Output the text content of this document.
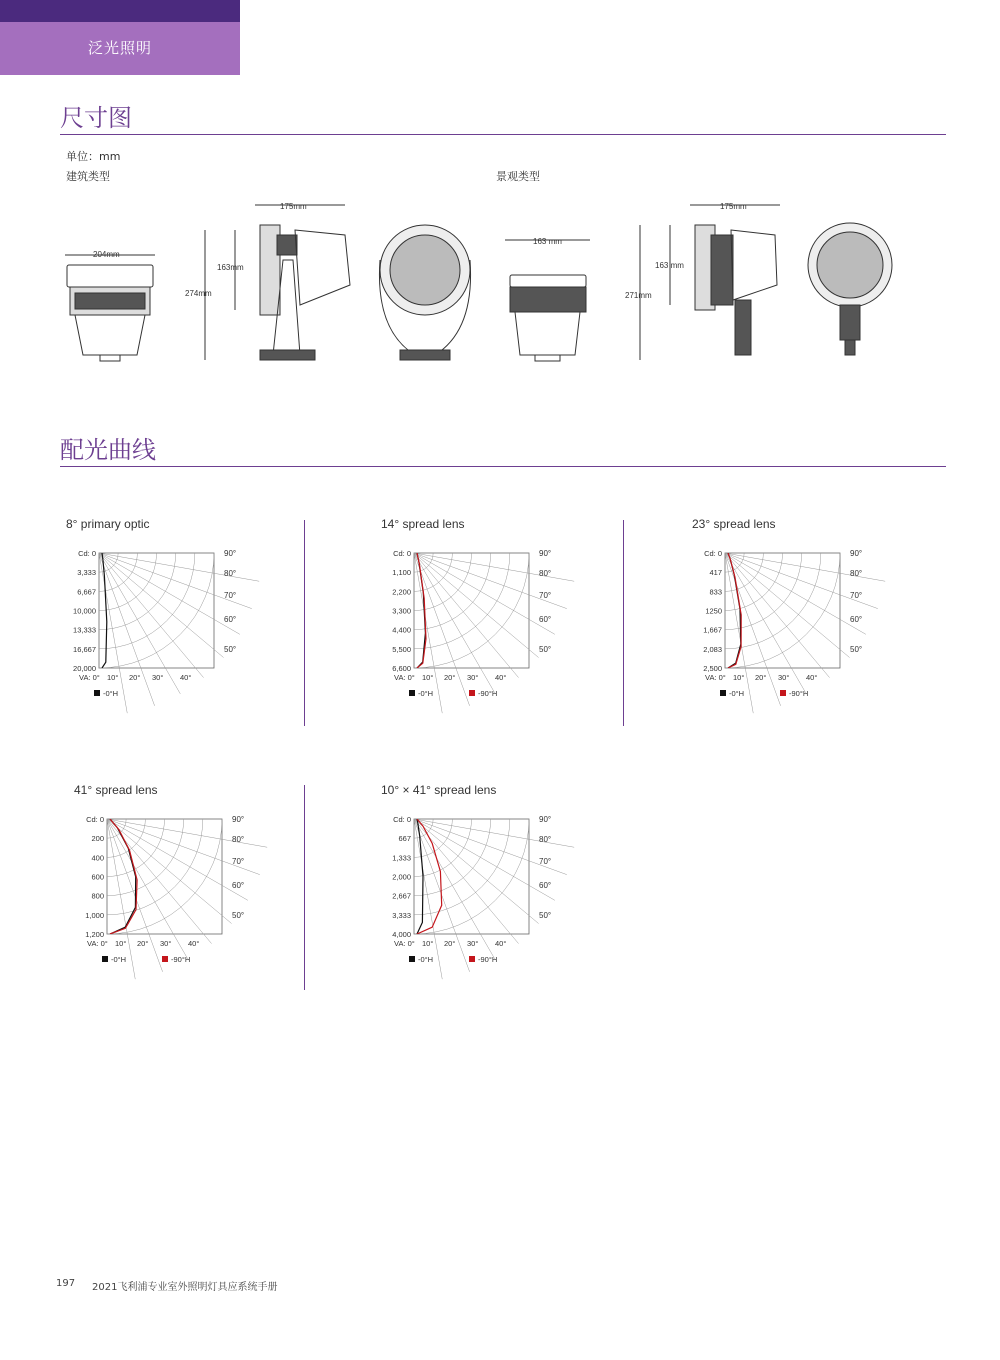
泛光照明
尺寸图
单位：mm
建筑类型	景观类型
204mm
175mm
163mm
274mm
163 mm
175mm
163 mm
271mm
配光曲线
8° primary optic
Cd: 0
3,333
6,667
10,000
13,333
16,667
20,000
90°
80°
70°
60°
50°
VA: 0° 10° 20° 30° 40°
-0°H
14° spread lens
Cd: 0
1,100
2,200
3,300
4,400
5,500
6,600
90°
80°
70°
60°
50°
VA: 0° 10° 20° 30° 40°
-0°H	-90°H
23° spread lens
Cd: 0
417
833
1250
1,667
2,083
2,500
90°
80°
70°
60°
50°
VA: 0° 10° 20° 30° 40°
-0°H	-90°H
41° spread lens
Cd: 0
200
400
600
800
1,000
1,200
90°
80°
70°
60°
50°
VA: 0° 10° 20° 30° 40°
-0°H	-90°H
10° × 41° spread lens
Cd: 0
667
1,333
2,000
2,667
3,333
4,000
90°
80°
70°
60°
50°
VA: 0° 10° 20° 30° 40°
-0°H	-90°H
197 2021飞利浦专业室外照明灯具应系统手册
